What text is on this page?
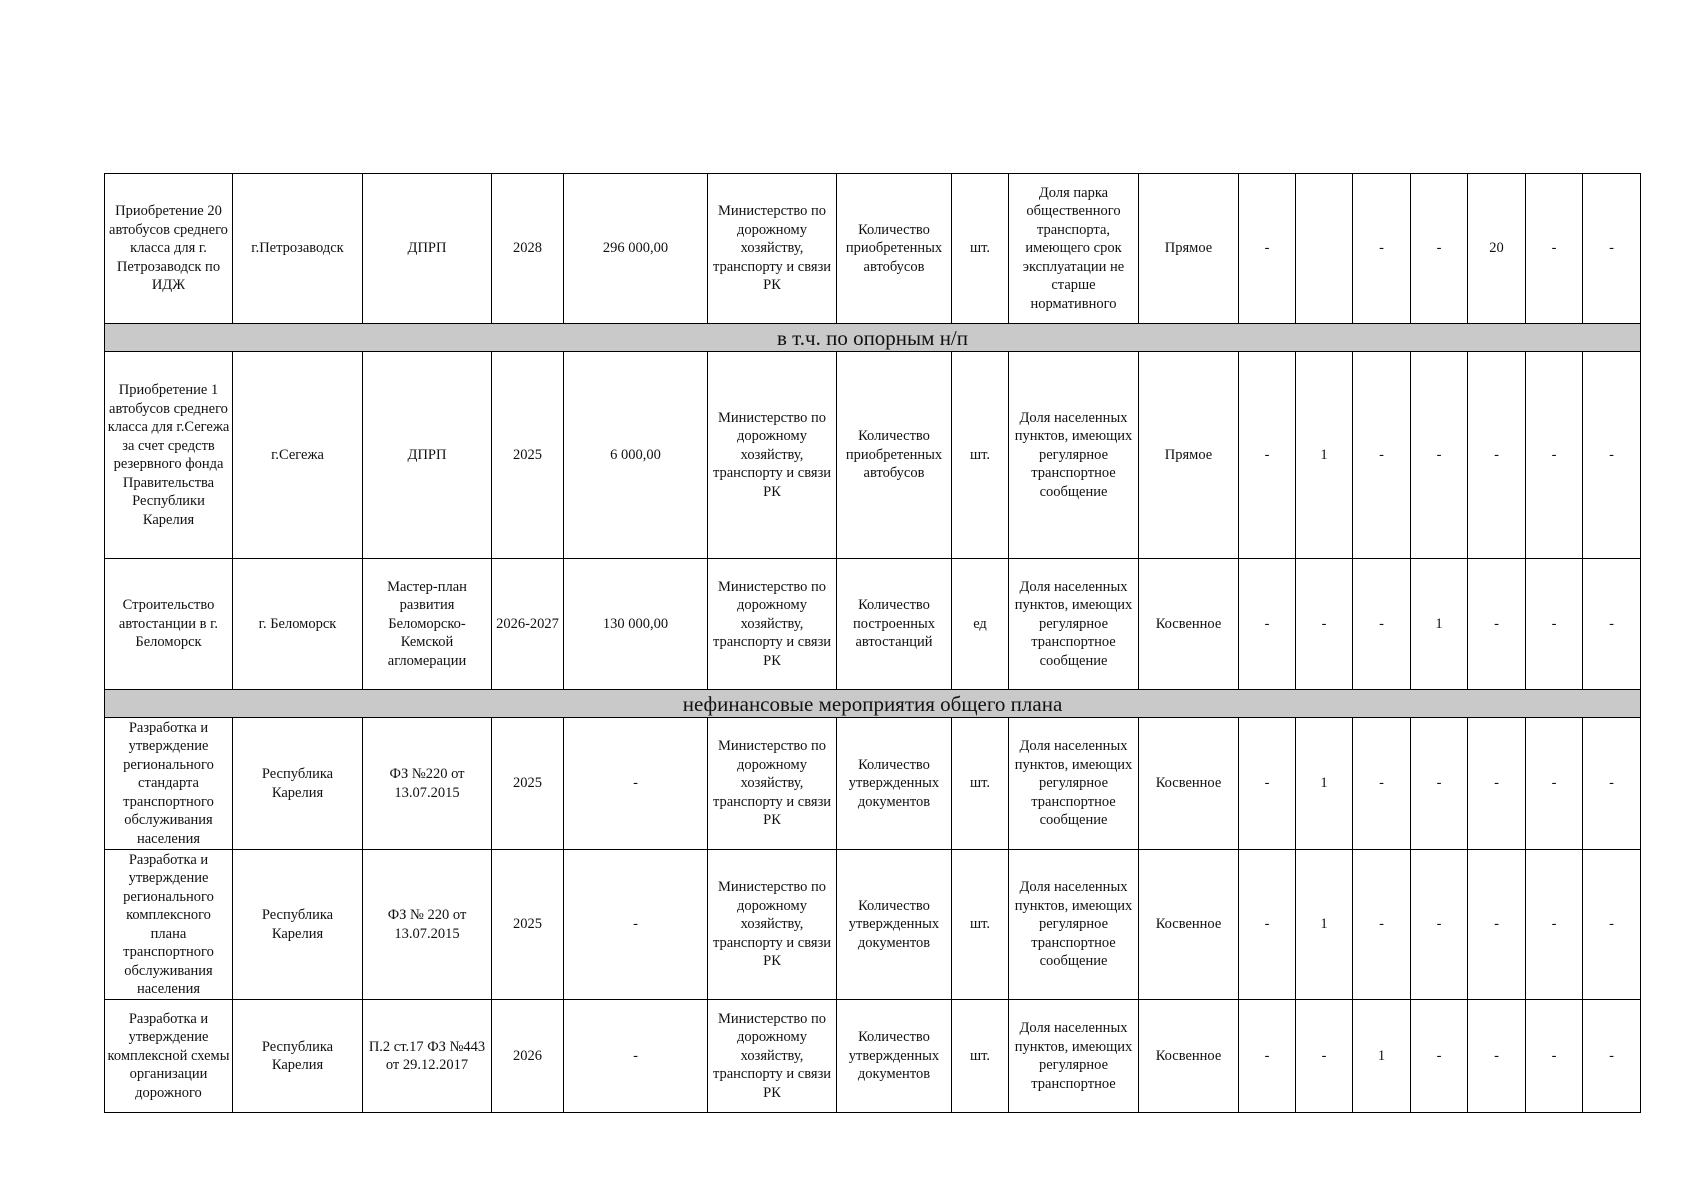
Приобретение 20 автобусов среднего класса для г. Петрозаводск по ИДЖ	г.Петрозаводск	ДПРП	2028	296 000,00	Министерство по дорожному хозяйству, транспорту и связи РК	Количество приобретенных автобусов	шт.	Доля парка общественного транспорта, имеющего срок эксплуатации не старше нормативного	Прямое	-		-	-	20	-	-
в т.ч. по опорным н/п																
Приобретение 1 автобусов среднего класса для г.Сегежа за счет средств резервного фонда Правительства Республики Карелия	г.Сегежа	ДПРП	2025	6 000,00	Министерство по дорожному хозяйству, транспорту и связи РК	Количество приобретенных автобусов	шт.	Доля населенных пунктов, имеющих регулярное транспортное сообщение	Прямое	-	1	-	-	-	-	-
Строительство автостанции в г. Беломорск	г. Беломорск	Мастер-план развития Беломорско-Кемской агломерации	2026-2027	130 000,00	Министерство по дорожному хозяйству, транспорту и связи РК	Количество построенных автостанций	ед	Доля населенных пунктов, имеющих регулярное транспортное сообщение	Косвенное	-	-	-	1	-	-	-
нефинансовые мероприятия общего плана																
Разработка и утверждение регионального стандарта транспортного обслуживания населения	Республика Карелия	ФЗ №220 от 13.07.2015	2025	-	Министерство по дорожному хозяйству, транспорту и связи РК	Количество утвержденных документов	шт.	Доля населенных пунктов, имеющих регулярное транспортное сообщение	Косвенное	-	1	-	-	-	-	-
Разработка и утверждение регионального комплексного плана транспортного обслуживания населения	Республика Карелия	ФЗ № 220 от 13.07.2015	2025	-	Министерство по дорожному хозяйству, транспорту и связи РК	Количество утвержденных документов	шт.	Доля населенных пунктов, имеющих регулярное транспортное сообщение	Косвенное	-	1	-	-	-	-	-
Разработка и утверждение комплексной схемы организации дорожного	Республика Карелия	П.2 ст.17 ФЗ №443 от 29.12.2017	2026	-	Министерство по дорожному хозяйству, транспорту и связи РК	Количество утвержденных документов	шт.	Доля населенных пунктов, имеющих регулярное транспортное	Косвенное	-	-	1	-	-	-	-
